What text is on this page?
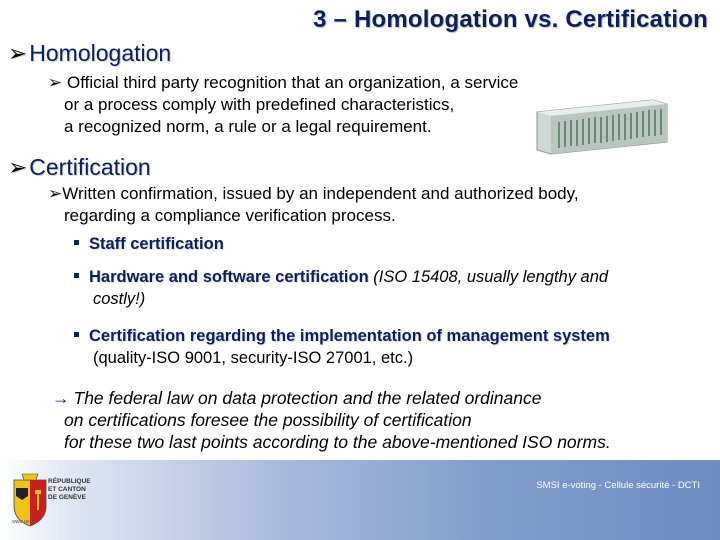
3 – Homologation vs. Certification
➢Homologation
➢ Official third party recognition that an organization, a service
or a process comply with predefined characteristics,
a recognized norm, a rule or a legal requirement.
➢Certification
➢Written confirmation, issued by an independent and authorized body,
regarding a compliance verification process.
Staff certification
Hardware and software certification (ISO 15408, usually lengthy and
costly!)
Certification regarding the implementation of management system
(quality-ISO 9001, security-ISO 27001, etc.)
→ The federal law on data protection and the related ordinance
on certifications foresee the possibility of certification
for these two last points according to the above-mentioned ISO norms.
SMSI e-voting - Cellule sécurité - DCTI
RÉPUBLIQUE
ET CANTON
DE GENÈVE
www.ge.ch
